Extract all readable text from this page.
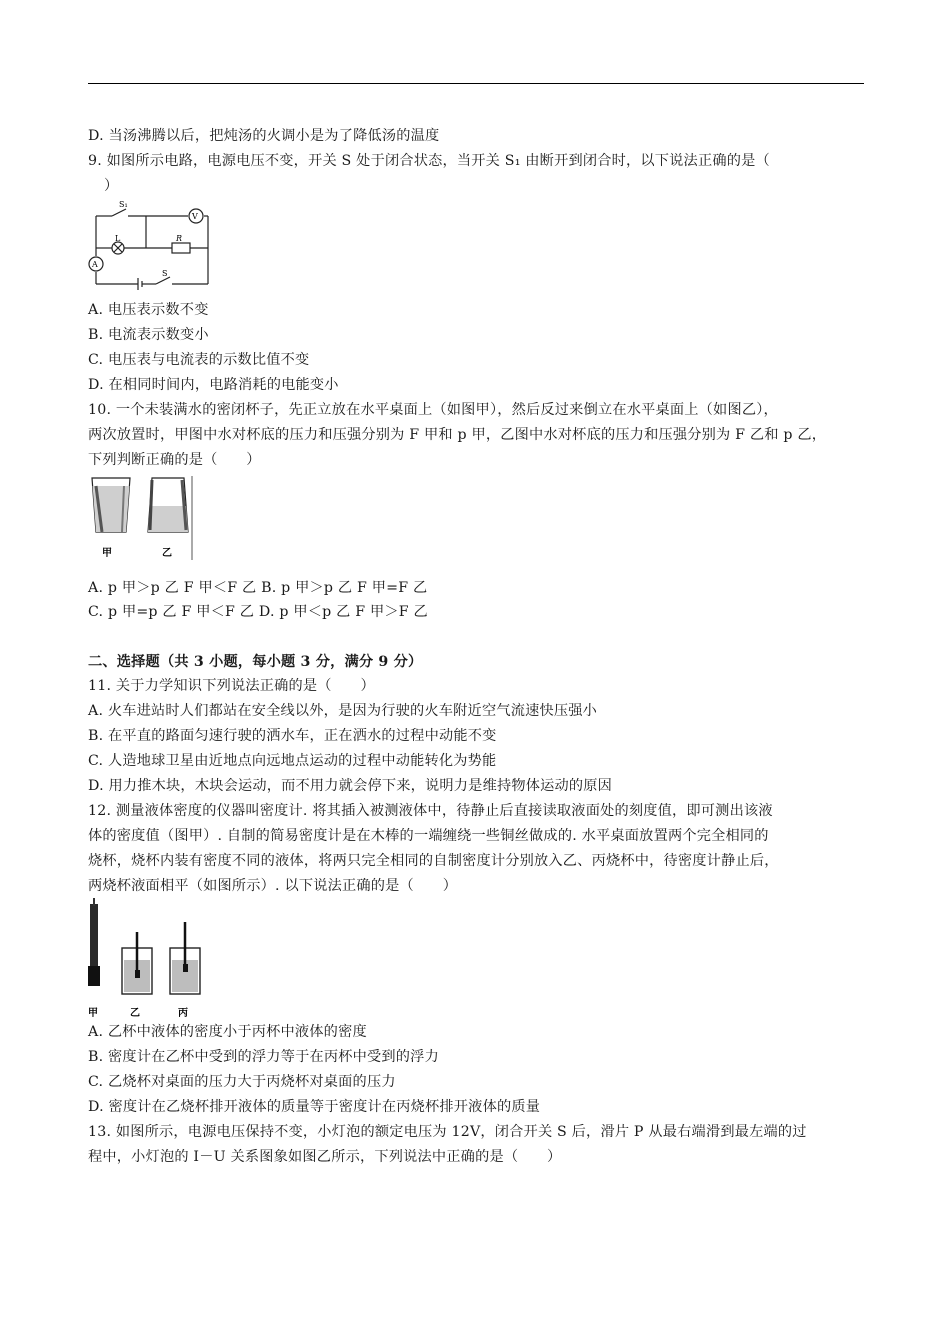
D. 当汤沸腾以后，把炖汤的火调小是为了降低汤的温度
9. 如图所示电路，电源电压不变，开关 S 处于闭合状态，当开关 S₁ 由断开到闭合时，以下说法正确的是（
）
S₁
V
L	R
A
S
A. 电压表示数不变
B. 电流表示数变小
C. 电压表与电流表的示数比值不变
D. 在相同时间内，电路消耗的电能变小
10. 一个未装满水的密闭杯子，先正立放在水平桌面上（如图甲），然后反过来倒立在水平桌面上（如图乙），
两次放置时，甲图中水对杯底的压力和压强分别为 F 甲和 p 甲，乙图中水对杯底的压力和压强分别为 F 乙和 p 乙，
下列判断正确的是（　　）
甲	乙
A. p 甲＞p 乙 F 甲＜F 乙 B. p 甲＞p 乙 F 甲=F 乙
C. p 甲=p 乙 F 甲＜F 乙 D. p 甲＜p 乙 F 甲＞F 乙
二、选择题（共 3 小题，每小题 3 分，满分 9 分）
11. 关于力学知识下列说法正确的是（　　）
A. 火车进站时人们都站在安全线以外，是因为行驶的火车附近空气流速快压强小
B. 在平直的路面匀速行驶的洒水车，正在洒水的过程中动能不变
C. 人造地球卫星由近地点向远地点运动的过程中动能转化为势能
D. 用力推木块，木块会运动，而不用力就会停下来，说明力是维持物体运动的原因
12. 测量液体密度的仪器叫密度计. 将其插入被测液体中，待静止后直接读取液面处的刻度值，即可测出该液
体的密度值（图甲）. 自制的简易密度计是在木棒的一端缠绕一些铜丝做成的. 水平桌面放置两个完全相同的
烧杯，烧杯内装有密度不同的液体，将两只完全相同的自制密度计分别放入乙、丙烧杯中，待密度计静止后，
两烧杯液面相平（如图所示）. 以下说法正确的是（　　）
甲	乙	丙
A. 乙杯中液体的密度小于丙杯中液体的密度
B. 密度计在乙杯中受到的浮力等于在丙杯中受到的浮力
C. 乙烧杯对桌面的压力大于丙烧杯对桌面的压力
D. 密度计在乙烧杯排开液体的质量等于密度计在丙烧杯排开液体的质量
13. 如图所示，电源电压保持不变，小灯泡的额定电压为 12V，闭合开关 S 后，滑片 P 从最右端滑到最左端的过
程中，小灯泡的 I－U 关系图象如图乙所示，下列说法中正确的是（　　）
